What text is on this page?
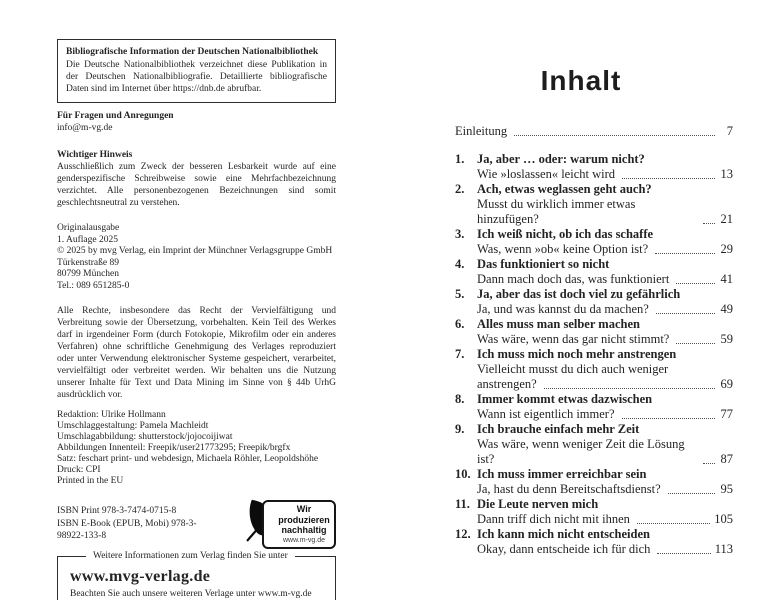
Bibliografische Information der Deutschen Nationalbibliothek
Die Deutsche Nationalbibliothek verzeichnet diese Publikation in der Deutschen Nationalbibliografie. Detaillierte bibliografische Daten sind im Internet über https://dnb.de abrufbar.
Für Fragen und Anregungen
info@m-vg.de
Wichtiger Hinweis
Ausschließlich zum Zweck der besseren Lesbarkeit wurde auf eine genderspezifische Schreibweise sowie eine Mehrfachbezeichnung verzichtet. Alle personenbezogenen Bezeichnungen sind somit geschlechtsneutral zu verstehen.
Originalausgabe
1. Auflage 2025
© 2025 by mvg Verlag, ein Imprint der Münchner Verlagsgruppe GmbH
Türkenstraße 89
80799 München
Tel.: 089 651285-0
Alle Rechte, insbesondere das Recht der Vervielfältigung und Verbreitung sowie der Übersetzung, vorbehalten. Kein Teil des Werkes darf in irgendeiner Form (durch Fotokopie, Mikrofilm oder ein anderes Verfahren) ohne schriftliche Genehmigung des Verlages reproduziert oder unter Verwendung elektronischer Systeme gespeichert, verarbeitet, vervielfältigt oder verbreitet werden. Wir behalten uns die Nutzung unserer Inhalte für Text und Data Mining im Sinne von § 44b UrhG ausdrücklich vor.
Redaktion: Ulrike Hollmann
Umschlaggestaltung: Pamela Machleidt
Umschlagabbildung: shutterstock/jojocoijiwat
Abbildungen Innenteil: Freepik/user21773295; Freepik/brgfx
Satz: feschart print- und webdesign, Michaela Röhler, Leopoldshöhe
Druck: CPI
Printed in the EU
ISBN Print 978-3-7474-0715-8
ISBN E-Book (EPUB, Mobi) 978-3-98922-133-8
Wir produzieren
nachhaltig
www.m-vg.de
Weitere Informationen zum Verlag finden Sie unter
www.mvg-verlag.de
Beachten Sie auch unsere weiteren Verlage unter www.m-vg.de
Inhalt
Einleitung	7
1.	Ja, aber … oder: warum nicht?
Wie »loslassen« leicht wird	13
2.	Ach, etwas weglassen geht auch?
Musst du wirklich immer etwas hinzufügen?	21
3.	Ich weiß nicht, ob ich das schaffe
Was, wenn »ob« keine Option ist?	29
4.	Das funktioniert so nicht
Dann mach doch das, was funktioniert	41
5.	Ja, aber das ist doch viel zu gefährlich
Ja, und was kannst du da machen?	49
6.	Alles muss man selber machen
Was wäre, wenn das gar nicht stimmt?	59
7.	Ich muss mich noch mehr anstrengen
Vielleicht musst du dich auch weniger
anstrengen?	69
8.	Immer kommt etwas dazwischen
Wann ist eigentlich immer?	77
9.	Ich brauche einfach mehr Zeit
Was wäre, wenn weniger Zeit die Lösung ist?	87
10. Ich muss immer erreichbar sein
Ja, hast du denn Bereitschaftsdienst?	95
11. Die Leute nerven mich
Dann triff dich nicht mit ihnen	105
12. Ich kann mich nicht entscheiden
Okay, dann entscheide ich für dich	113
